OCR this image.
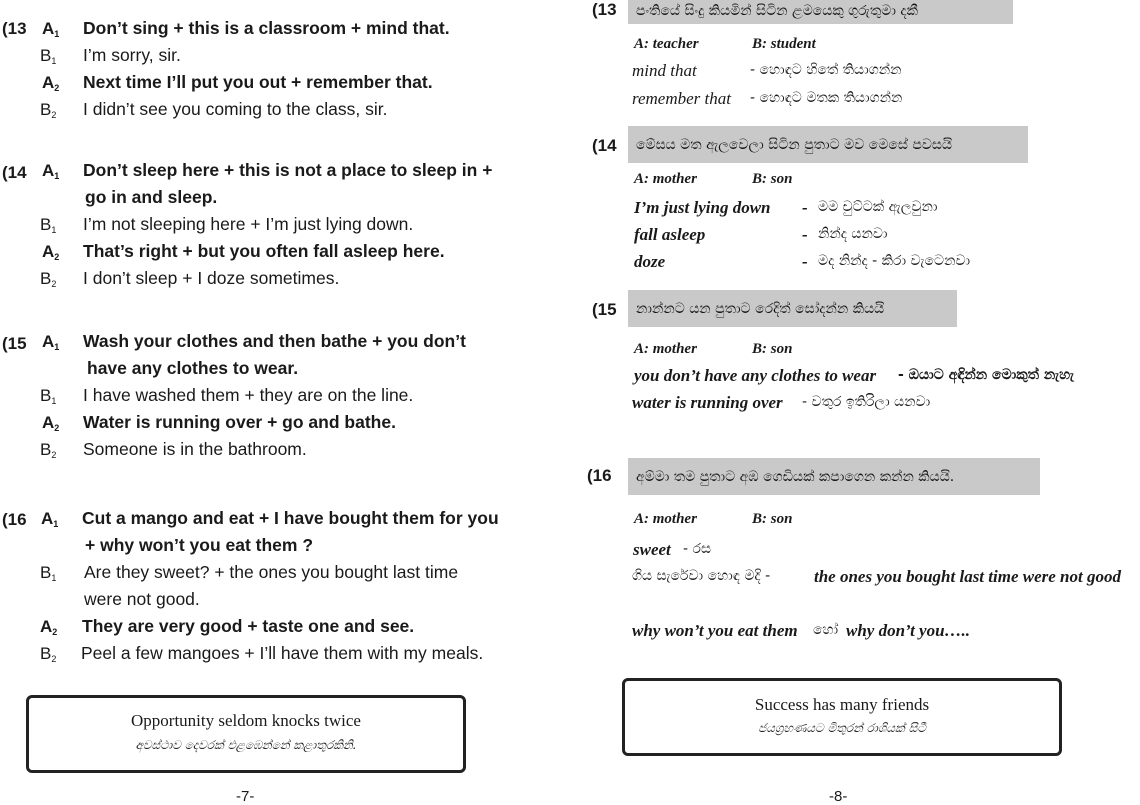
(13 $A_1$ Don’t sing + this is a classroom + mind that.
$B_1$ I’m sorry, sir.
$A_2$ Next time I’ll put you out + remember that.
$B_2$ I didn’t see you coming to the class, sir.
(14 $A_1$ Don’t sleep here + this is not a place to sleep in +
go in and sleep.
$B_1$ I’m not sleeping here + I’m just lying down.
$A_2$ That’s right + but you often fall asleep here.
$B_2$ I don’t sleep + I doze sometimes.
(15 $A_1$ Wash your clothes and then bathe + you don’t
have any clothes to wear.
$B_1$ I have washed them + they are on the line.
$A_2$ Water is running over + go and bathe.
$B_2$ Someone is in the bathroom.
(16 $A_1$ Cut a mango and eat + I have bought them for you
+ why won’t you eat them ?
$B_1$ Are they sweet? + the ones you bought last time
were not good.
$A_2$ They are very good + taste one and see.
$B_2$ Peel a few mangoes + I’ll have them with my meals.
Opportunity seldom knocks twice
අවස්ථාව දෙවරක් එළඹෙන්නේ කළාතුරකිනි.
-7-
(13 පංතියේ සිංදු කියමින් සිටින ළමයෙකු ගුරුතුමා දකී
A: teacher	B: student
mind that	- හොඳට හිතේ තියාගන්න
remember that - හොඳට මතක තියාගන්න
(14 මේසය මත ඇලවෙලා සිටින පුතාට මව මෙසේ පවසයි
A: mother	B: son
I’m just lying down - මම චුට්ටක් ඇලවුනා
fall asleep	- නින්ද යනවා
doze	- මද නින්ද - කිරා වැටෙනවා
(15 නාන්නට යන පුතාට රෙදිත් සෝදන්න කියයි
A: mother	B: son
you don’t have any clothes to wear - ඔයාට අඳින්න මොකුත් නැහැ
water is running over - වතුර ඉතිරිලා යනවා
(16 අම්මා තම පුතාට අඹ ගෙඩියක් කපාගෙන කන්න කියයි.
A: mother	B: son
sweet - රස
ගිය සැරේවා හොඳ මදි -	the ones you bought last time were not good
why won’t you eat them හෝ why don’t you…..
Success has many friends
ජයග්‍රහණයට මිතුරන් රාශියක් සිටී
-8-
